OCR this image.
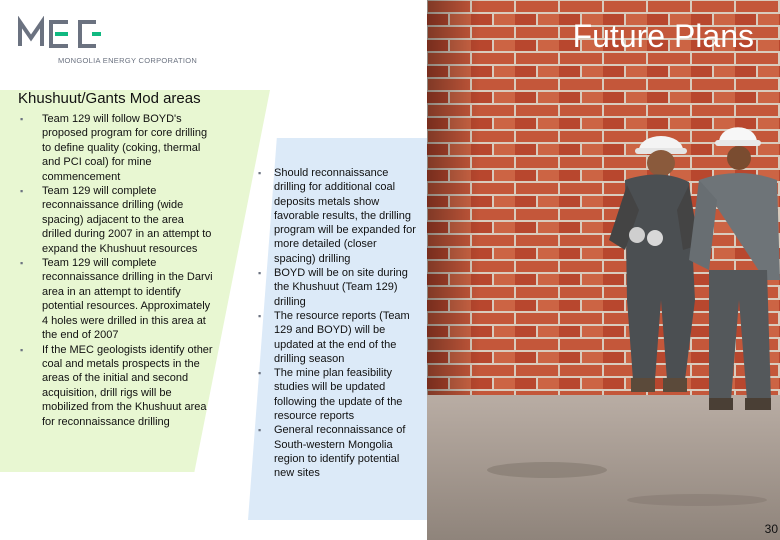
MONGOLIA ENERGY CORPORATION
Khushuut/Gants Mod areas
▪ Team 129 will follow BOYD's proposed program for core drilling to define quality (coking, thermal and PCI coal) for mine commencement
▪ Team 129 will complete reconnaissance drilling (wide spacing) adjacent to the area drilled during 2007 in an attempt to expand the Khushuut resources
▪ Team 129 will complete reconnaissance drilling in the Darvi area in an attempt to identify potential resources. Approximately 4 holes were drilled in this area at the end of 2007
▪ If the MEC geologists identify other coal and metals prospects in the areas of the initial and second acquisition, drill rigs will be mobilized from the Khushuut area for reconnaissance drilling
▪ Should reconnaissance drilling for additional coal deposits metals show favorable results, the drilling program will be expanded for more detailed (closer spacing) drilling
▪ BOYD will be on site during the Khushuut (Team 129) drilling
▪ The resource reports (Team 129 and BOYD) will be updated at the end of the drilling season
▪ The mine plan feasibility studies will be updated following the update of the resource reports
▪ General reconnaissance of South-western Mongolia region to identify potential new sites
Future Plans
30
